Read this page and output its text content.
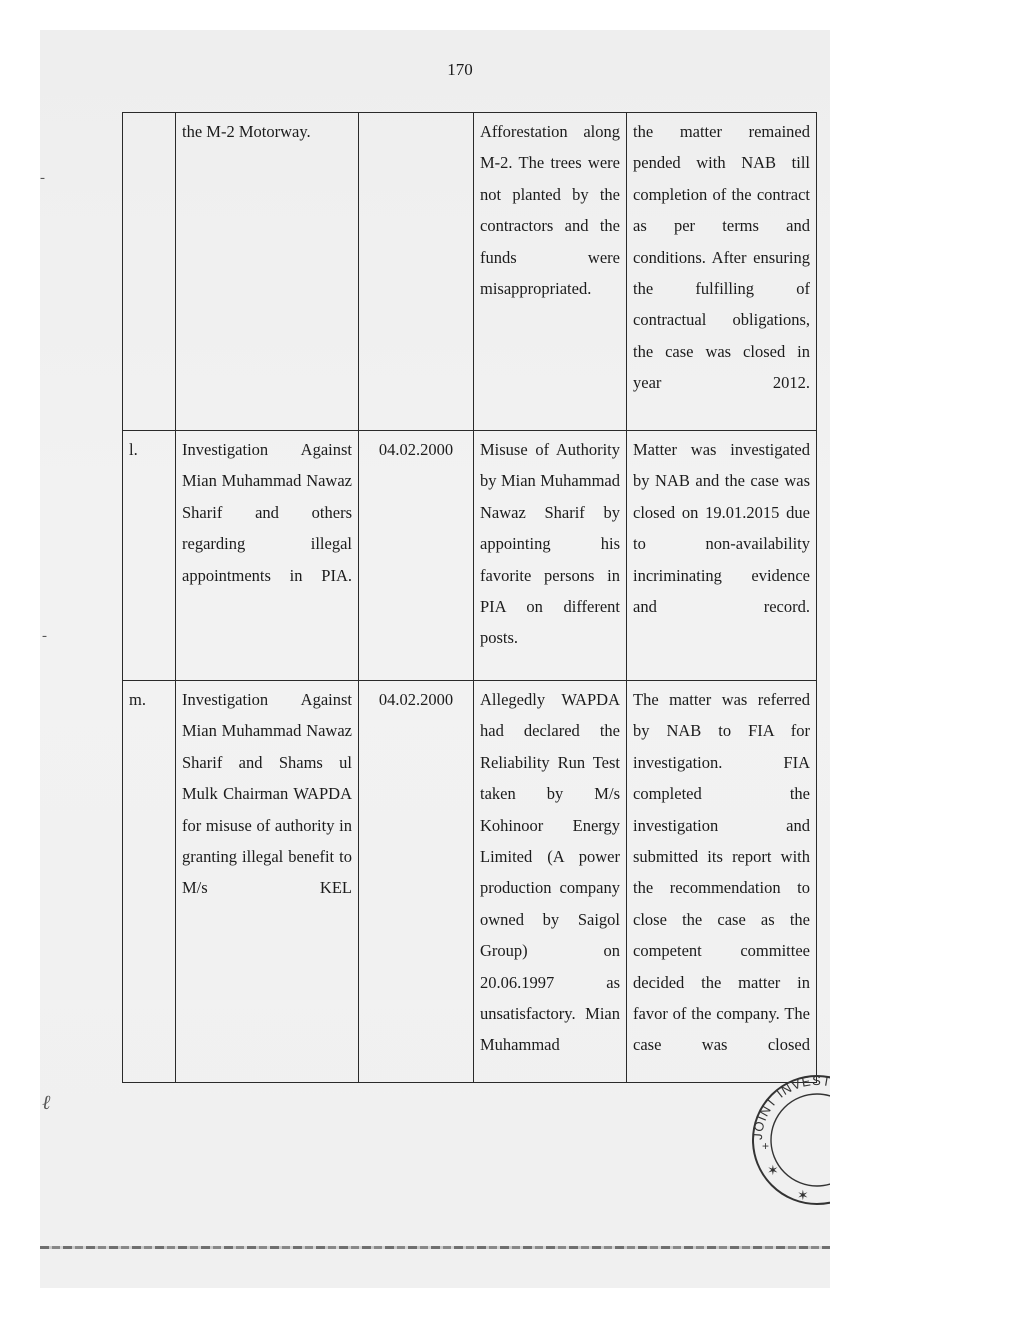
170
	the M-2 Motorway.		Afforestation along M-2. The trees were not planted by the contractors and the funds were misappropriated.	the matter remained pended with NAB till completion of the contract as per terms and conditions. After ensuring the fulfilling of contractual obligations, the case was closed in year 2012.
l.	Investigation Against Mian Muhammad Nawaz Sharif and others regarding illegal appointments in PIA.	04.02.2000	Misuse of Authority by Mian Muhammad Nawaz Sharif by appointing his favorite persons in PIA on different posts.	Matter was investigated by NAB and the case was closed on 19.01.2015 due to non-availability incriminating evidence and record.
m.	Investigation Against Mian Muhammad Nawaz Sharif and Shams ul Mulk Chairman WAPDA for misuse of authority in granting illegal benefit to M/s KEL	04.02.2000	Allegedly WAPDA had declared the Reliability Run Test taken by M/s Kohinoor Energy Limited (A power production company owned by Saigol Group) on 20.06.1997 as unsatisfactory. Mian Muhammad	The matter was referred by NAB to FIA for investigation. FIA completed the investigation and submitted its report with the recommendation to close the case as the competent committee decided the matter in favor of the company. The case was closed
-
-
ℓ
JOINT INVESTIGATION
✶
✶
+
